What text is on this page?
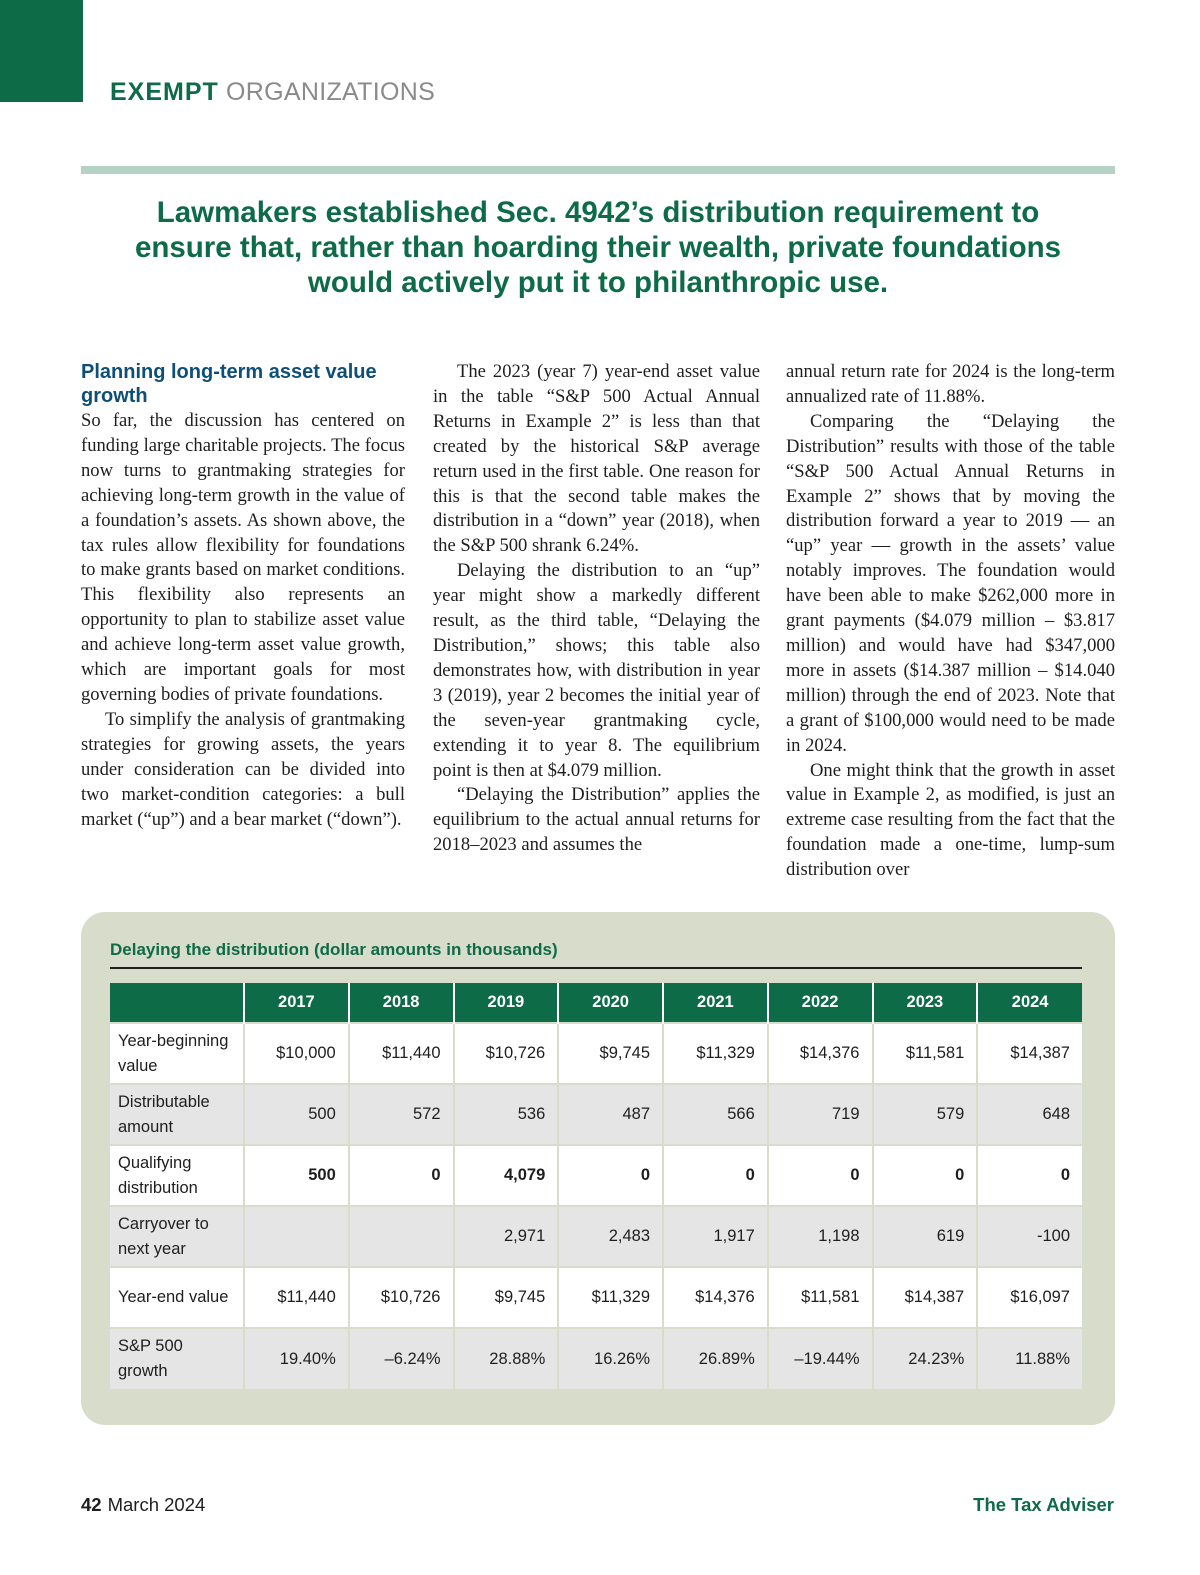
EXEMPT ORGANIZATIONS
Lawmakers established Sec. 4942’s distribution requirement to ensure that, rather than hoarding their wealth, private foundations would actively put it to philanthropic use.
Planning long-term asset value growth

So far, the discussion has centered on funding large charitable projects. The focus now turns to grantmaking strategies for achieving long-term growth in the value of a foundation’s assets. As shown above, the tax rules allow flexibility for foundations to make grants based on market conditions. This flexibility also represents an opportunity to plan to stabilize asset value and achieve long-term asset value growth, which are important goals for most governing bodies of private foundations.

To simplify the analysis of grantmaking strategies for growing assets, the years under consideration can be divided into two market-condition categories: a bull market (“up”) and a bear market (“down”).

The 2023 (year 7) year-end asset value in the table “S&P 500 Actual Annual Returns in Example 2” is less than that created by the historical S&P average return used in the first table. One reason for this is that the second table makes the distribution in a “down” year (2018), when the S&P 500 shrank 6.24%.

Delaying the distribution to an “up” year might show a markedly different result, as the third table, “Delaying the Distribution,” shows; this table also demonstrates how, with distribution in year 3 (2019), year 2 becomes the initial year of the seven-year grantmaking cycle, extending it to year 8. The equilibrium point is then at $4.079 million.

“Delaying the Distribution” applies the equilibrium to the actual annual returns for 2018–2023 and assumes the

annual return rate for 2024 is the long-term annualized rate of 11.88%.

Comparing the “Delaying the Distribution” results with those of the table “S&P 500 Actual Annual Returns in Example 2” shows that by moving the distribution forward a year to 2019 — an “up” year — growth in the assets’ value notably improves. The foundation would have been able to make $262,000 more in grant payments ($4.079 million – $3.817 million) and would have had $347,000 more in assets ($14.387 million – $14.040 million) through the end of 2023. Note that a grant of $100,000 would need to be made in 2024.

One might think that the growth in asset value in Example 2, as modified, is just an extreme case resulting from the fact that the foundation made a one-time, lump-sum distribution over

Delaying the distribution (dollar amounts in thousands)
	2017	2018	2019	2020	2021	2022	2023	2024
Year-beginning value	$10,000	$11,440	$10,726	$9,745	$11,329	$14,376	$11,581	$14,387
Distributable amount	500	572	536	487	566	719	579	648
Qualifying distribution	500	0	4,079	0	0	0	0	0
Carryover to next year			2,971	2,483	1,917	1,198	619	-100
Year-end value	$11,440	$10,726	$9,745	$11,329	$14,376	$11,581	$14,387	$16,097
S&P 500 growth	19.40%	–6.24%	28.88%	16.26%	26.89%	–19.44%	24.23%	11.88%
42 March 2024	The Tax Adviser
